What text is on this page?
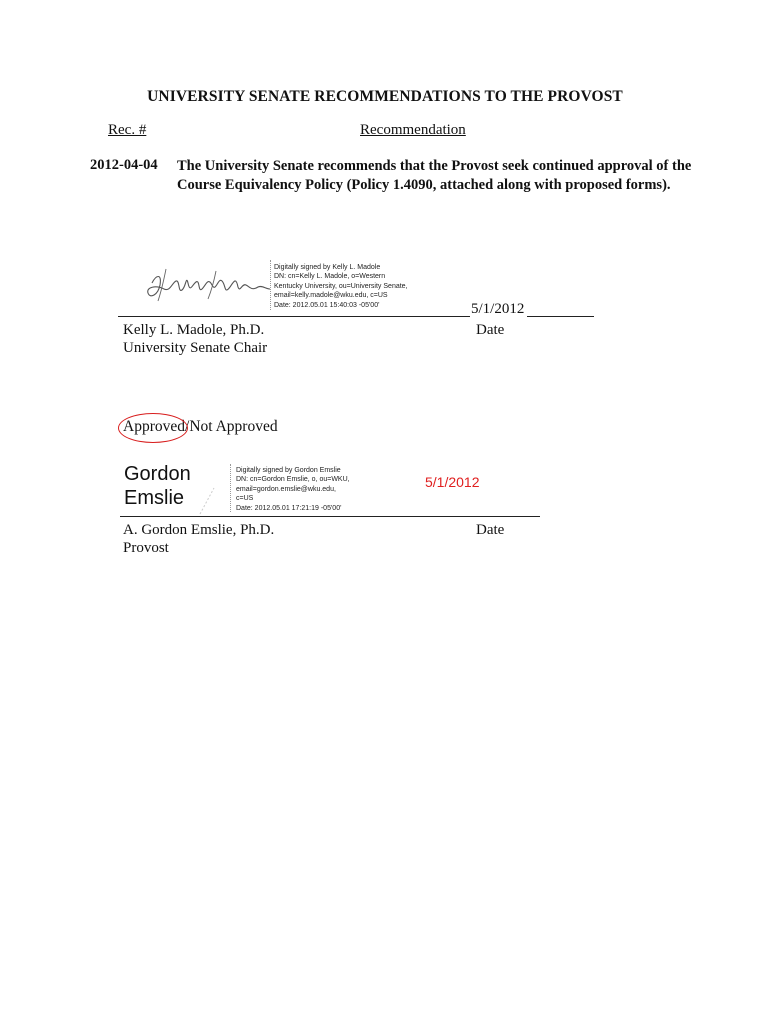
UNIVERSITY SENATE RECOMMENDATIONS TO THE PROVOST
Rec. #	Recommendation
2012-04-04 The University Senate recommends that the Provost seek continued approval of the Course Equivalency Policy (Policy 1.4090, attached along with proposed forms).
Digitally signed by Kelly L. Madole
DN: cn=Kelly L. Madole, o=Western
Kentucky University, ou=University Senate,
email=kelly.madole@wku.edu, c=US
Date: 2012.05.01 15:40:03 -05'00'	5/1/2012
Kelly L. Madole, Ph.D.
University Senate Chair
Date
Approved/Not Approved
Gordon
Emslie
Digitally signed by Gordon Emslie
DN: cn=Gordon Emslie, o, ou=WKU,
email=gordon.emslie@wku.edu,
c=US
Date: 2012.05.01 17:21:19 -05'00'
5/1/2012
A. Gordon Emslie, Ph.D.
Provost
Date
